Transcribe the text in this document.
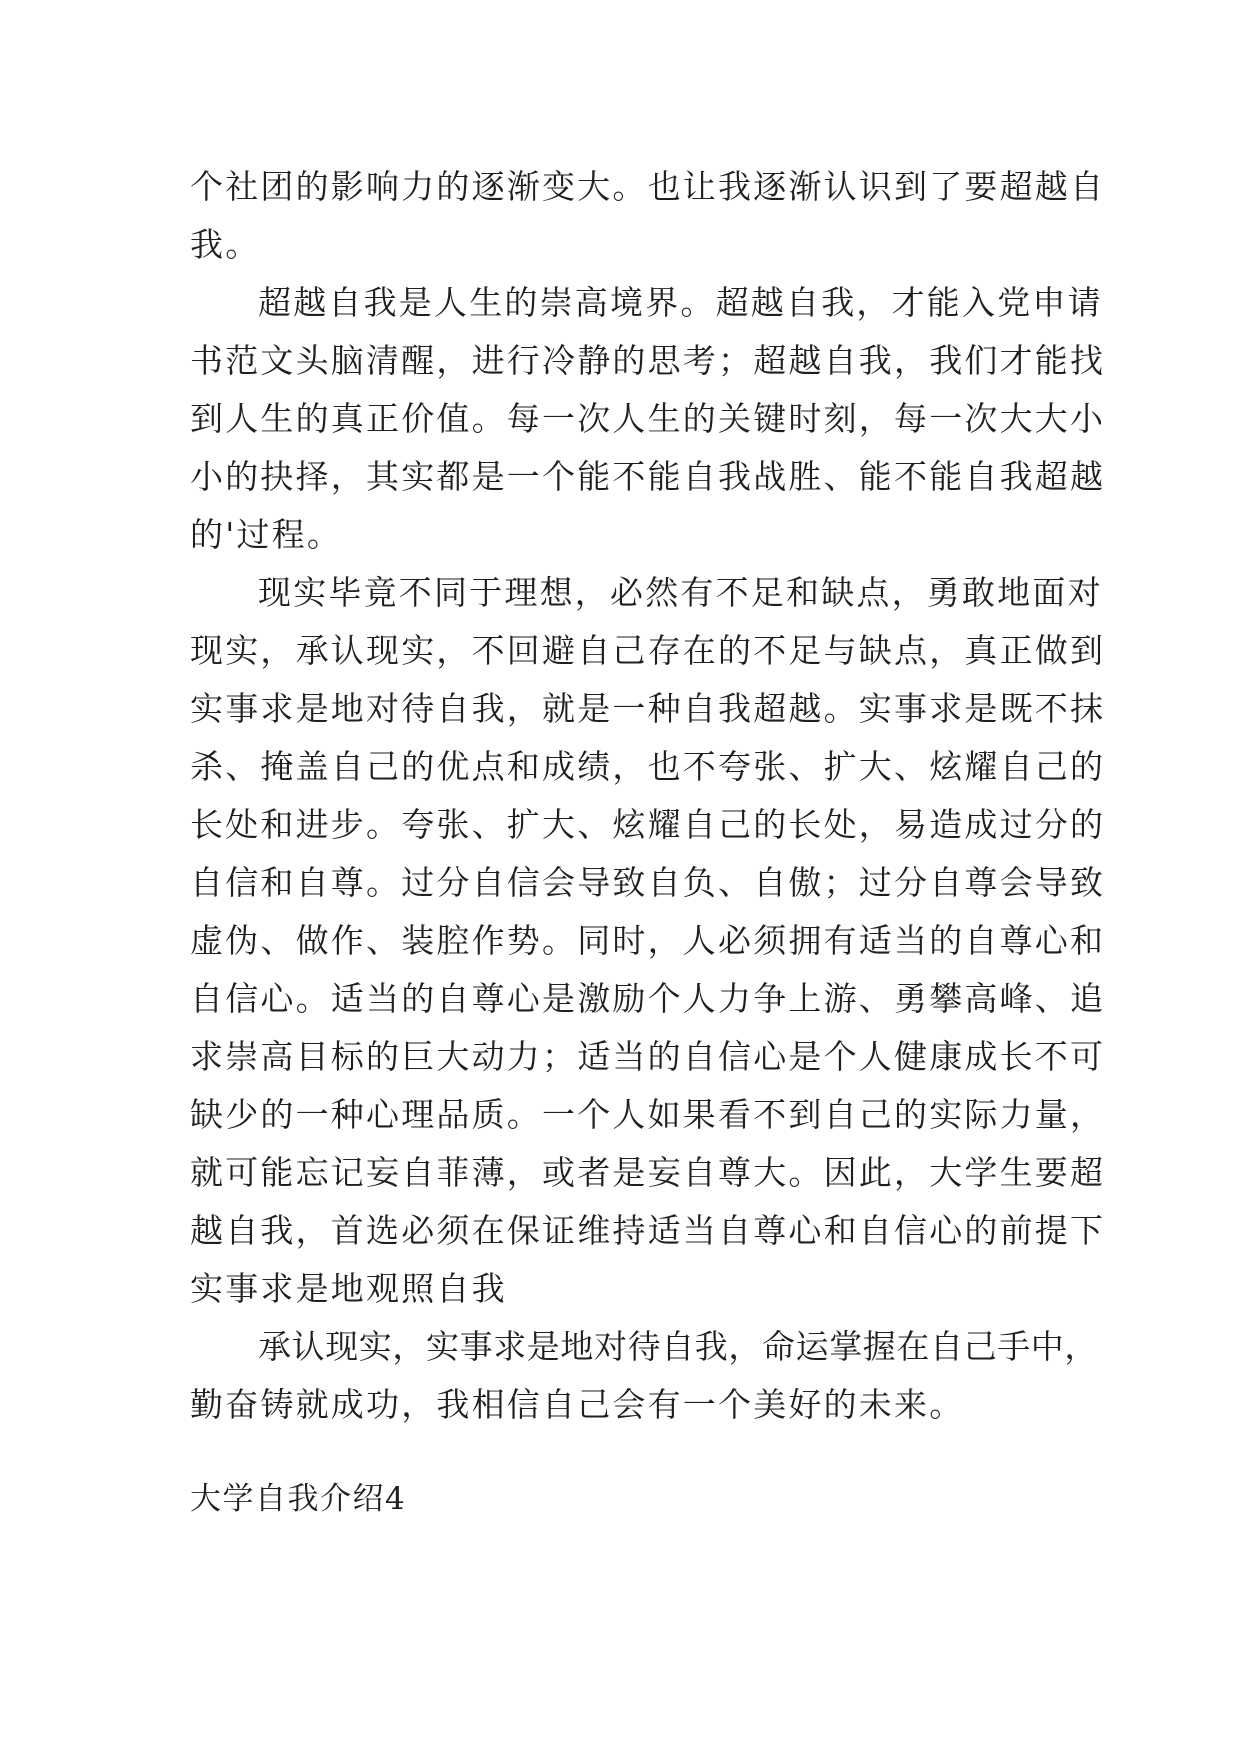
个社团的影响力的逐渐变大。也让我逐渐认识到了要超越自
我。
超越自我是人生的崇高境界。超越自我，才能入党申请
书范文头脑清醒，进行冷静的思考；超越自我，我们才能找
到人生的真正价值。每一次人生的关键时刻，每一次大大小
小的抉择，其实都是一个能不能自我战胜、能不能自我超越
的'过程。
现实毕竟不同于理想，必然有不足和缺点，勇敢地面对
现实，承认现实，不回避自己存在的不足与缺点，真正做到
实事求是地对待自我，就是一种自我超越。实事求是既不抹
杀、掩盖自己的优点和成绩，也不夸张、扩大、炫耀自己的
长处和进步。夸张、扩大、炫耀自己的长处，易造成过分的
自信和自尊。过分自信会导致自负、自傲；过分自尊会导致
虚伪、做作、装腔作势。同时，人必须拥有适当的自尊心和
自信心。适当的自尊心是激励个人力争上游、勇攀高峰、追
求崇高目标的巨大动力；适当的自信心是个人健康成长不可
缺少的一种心理品质。一个人如果看不到自己的实际力量，
就可能忘记妄自菲薄，或者是妄自尊大。因此，大学生要超
越自我，首选必须在保证维持适当自尊心和自信心的前提下
实事求是地观照自我
承认现实，实事求是地对待自我，命运掌握在自己手中，
勤奋铸就成功，我相信自己会有一个美好的未来。
大学自我介绍4
